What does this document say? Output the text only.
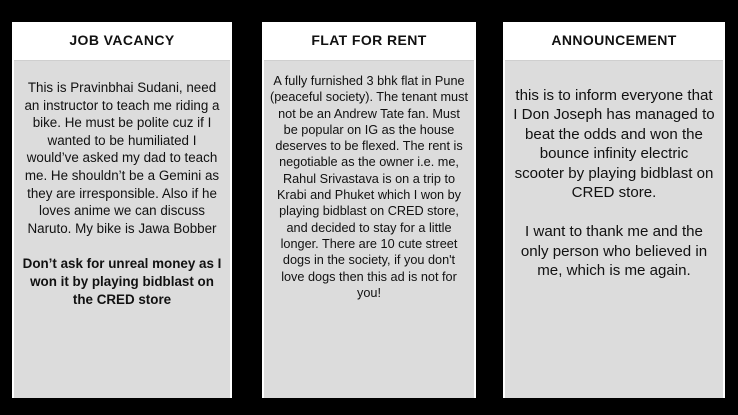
JOB VACANCY
This is Pravinbhai Sudani, need an instructor to teach me riding a bike. He must be polite cuz if I wanted to be humiliated I would’ve asked my dad to teach me. He shouldn’t be a Gemini as they are irresponsible. Also if he loves anime we can discuss Naruto. My bike is Jawa Bobber
Don’t ask for unreal money as I won it by playing bidblast on the CRED store
FLAT FOR RENT
A fully furnished 3 bhk flat in Pune (peaceful society). The tenant must not be an Andrew Tate fan. Must be popular on IG as the house deserves to be flexed. The rent is negotiable as the owner i.e. me, Rahul Srivastava is on a trip to Krabi and Phuket which I won by playing bidblast on CRED store, and decided to stay for a little longer. There are 10 cute street dogs in the society, if you don't love dogs then this ad is not for you!
ANNOUNCEMENT
this is to inform everyone that I Don Joseph has managed to beat the odds and won the bounce infinity electric scooter by playing bidblast on CRED store.
I want to thank me and the only person who believed in me, which is me again.
